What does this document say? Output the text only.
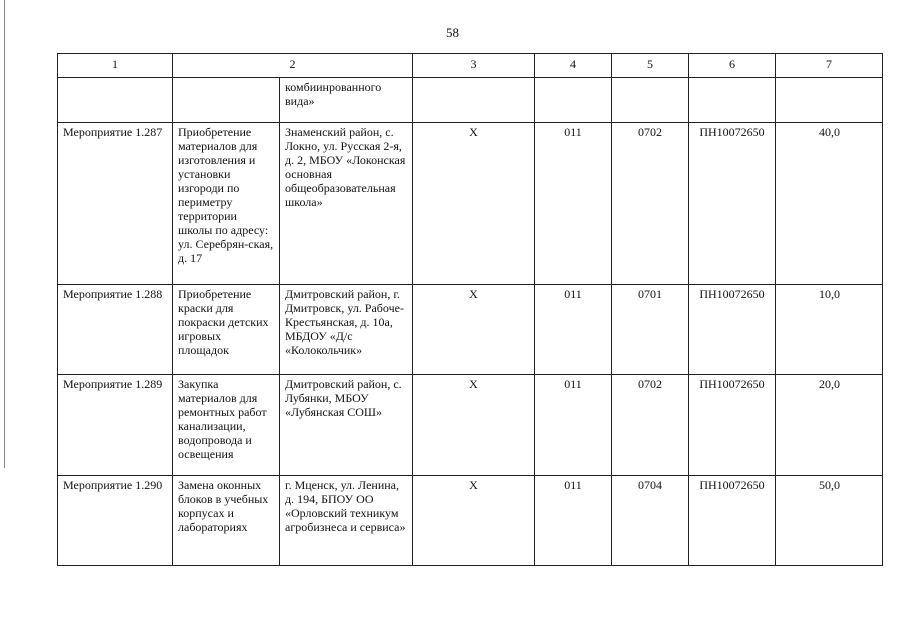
58
1	2		3	4	5	6	7
		комбиинрованного вида»					
Мероприятие 1.287	Приобретение материалов для изготовления и установки изгороди по периметру территории школы по адресу: ул. Серебрян-ская, д. 17	Знаменский район, с. Локно, ул. Русская 2-я, д. 2, МБОУ «Локонская основная общеобразовательная школа»	Х	011	0702	ПН10072650	40,0
Мероприятие 1.288	Приобретение краски для покраски детских игровых площадок	Дмитровский район, г. Дмитровск, ул. Рабоче-Крестьянская, д. 10а, МБДОУ «Д/с «Колокольчик»	Х	011	0701	ПН10072650	10,0
Мероприятие 1.289	Закупка материалов для ремонтных работ канализации, водопровода и освещения	Дмитровский район, с. Лубянки, МБОУ «Лубянская СОШ»	Х	011	0702	ПН10072650	20,0
Мероприятие 1.290	Замена оконных блоков в учебных корпусах и лабораториях	г. Мценск, ул. Ленина, д. 194, БПОУ ОО «Орловский техникум агробизнеса и сервиса»	Х	011	0704	ПН10072650	50,0
